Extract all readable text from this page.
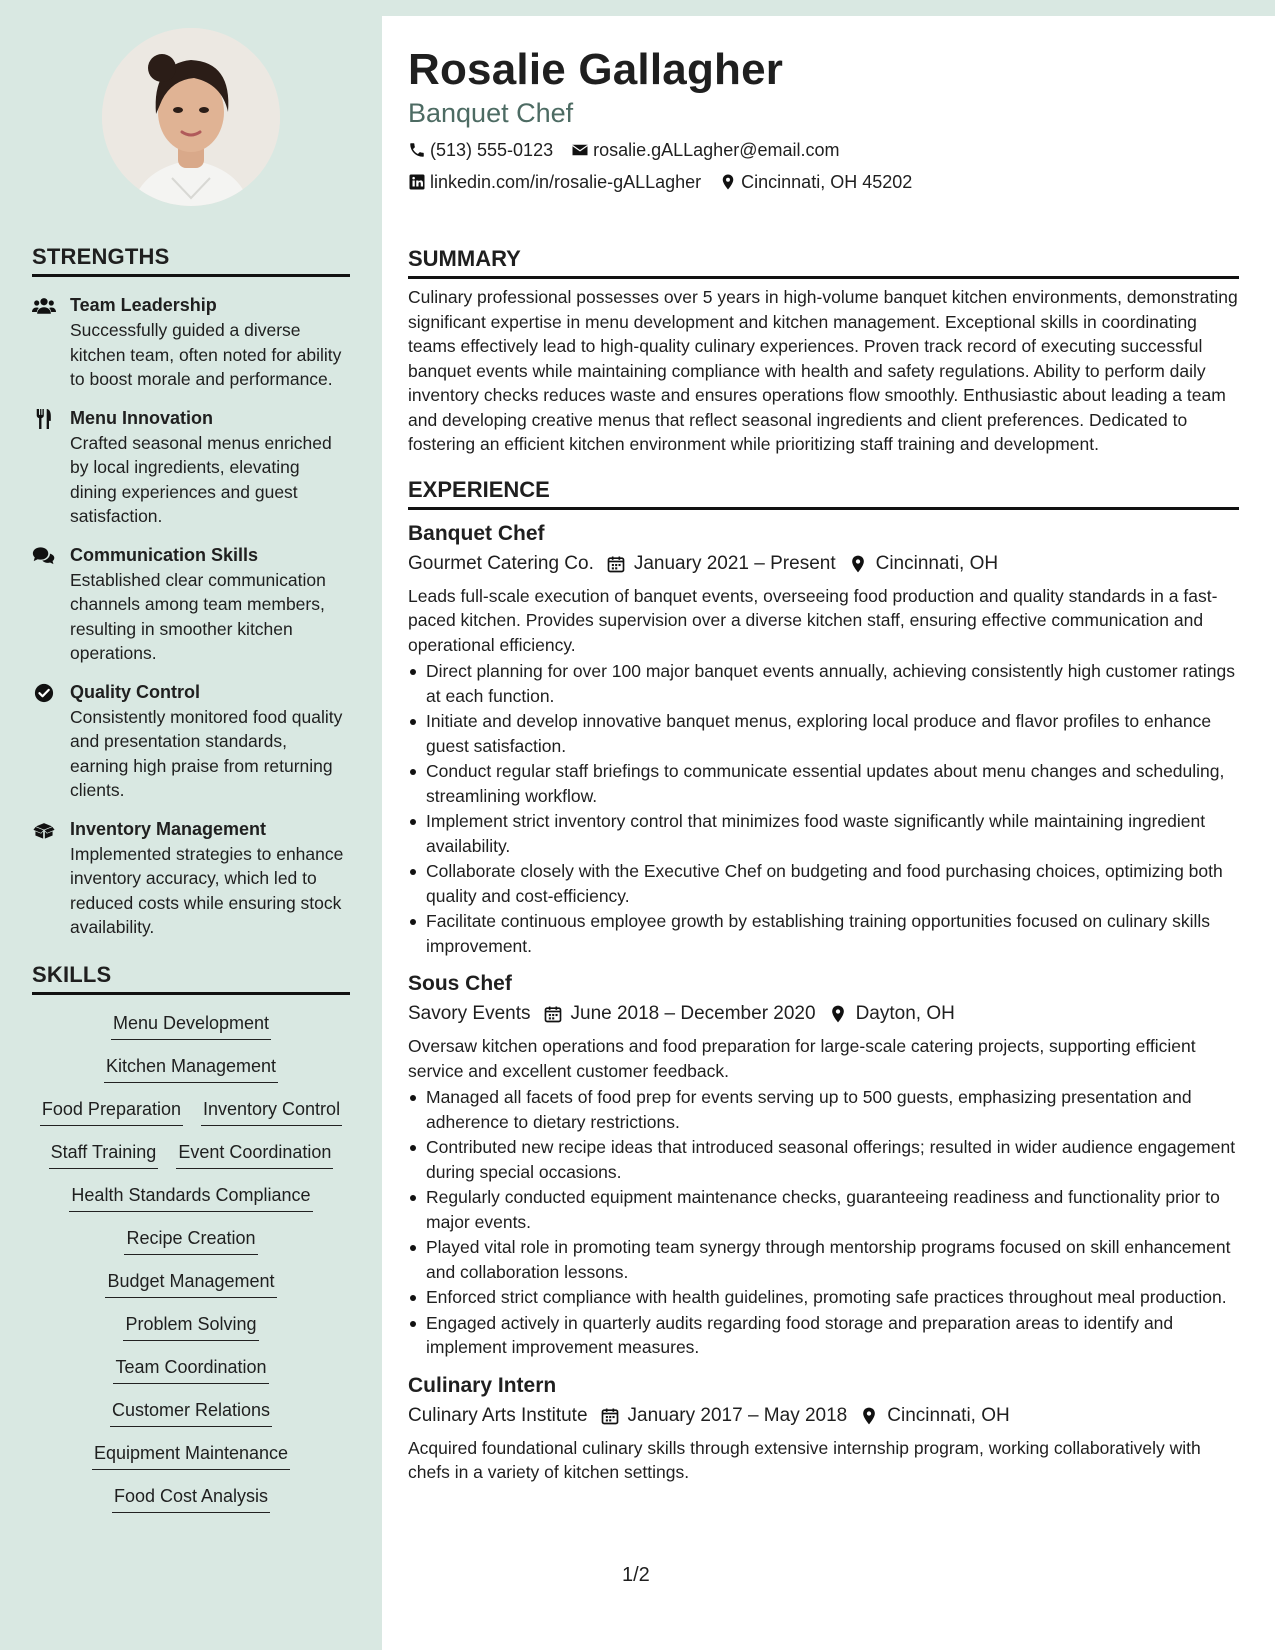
STRENGTHS
Team Leadership
Successfully guided a diverse kitchen team, often noted for ability to boost morale and performance.
Menu Innovation
Crafted seasonal menus enriched by local ingredients, elevating dining experiences and guest satisfaction.
Communication Skills
Established clear communication channels among team members, resulting in smoother kitchen operations.
Quality Control
Consistently monitored food quality and presentation standards, earning high praise from returning clients.
Inventory Management
Implemented strategies to enhance inventory accuracy, which led to reduced costs while ensuring stock availability.
SKILLS
Menu Development
Kitchen Management
Food Preparation Inventory Control
Staff Training Event Coordination
Health Standards Compliance
Recipe Creation
Budget Management
Problem Solving
Team Coordination
Customer Relations
Equipment Maintenance
Food Cost Analysis
Rosalie Gallagher
Banquet Chef
(513) 555-0123 rosalie.gALLagher@email.com
linkedin.com/in/rosalie-gALLagher Cincinnati, OH 45202
SUMMARY

Culinary professional possesses over 5 years in high-volume banquet kitchen environments, demonstrating significant expertise in menu development and kitchen management. Exceptional skills in coordinating teams effectively lead to high-quality culinary experiences. Proven track record of executing successful banquet events while maintaining compliance with health and safety regulations. Ability to perform daily inventory checks reduces waste and ensures operations flow smoothly. Enthusiastic about leading a team and developing creative menus that reflect seasonal ingredients and client preferences. Dedicated to fostering an efficient kitchen environment while prioritizing staff training and development.

EXPERIENCE
Banquet Chef
Gourmet Catering Co. January 2021 – Present Cincinnati, OH

Leads full-scale execution of banquet events, overseeing food production and quality standards in a fast-paced kitchen. Provides supervision over a diverse kitchen staff, ensuring effective communication and operational efficiency.

Direct planning for over 100 major banquet events annually, achieving consistently high customer ratings at each function.
Initiate and develop innovative banquet menus, exploring local produce and flavor profiles to enhance guest satisfaction.
Conduct regular staff briefings to communicate essential updates about menu changes and scheduling, streamlining workflow.
Implement strict inventory control that minimizes food waste significantly while maintaining ingredient availability.
Collaborate closely with the Executive Chef on budgeting and food purchasing choices, optimizing both quality and cost-efficiency.
Facilitate continuous employee growth by establishing training opportunities focused on culinary skills improvement.
Sous Chef
Savory Events June 2018 – December 2020 Dayton, OH

Oversaw kitchen operations and food preparation for large-scale catering projects, supporting efficient service and excellent customer feedback.

Managed all facets of food prep for events serving up to 500 guests, emphasizing presentation and adherence to dietary restrictions.
Contributed new recipe ideas that introduced seasonal offerings; resulted in wider audience engagement during special occasions.
Regularly conducted equipment maintenance checks, guaranteeing readiness and functionality prior to major events.
Played vital role in promoting team synergy through mentorship programs focused on skill enhancement and collaboration lessons.
Enforced strict compliance with health guidelines, promoting safe practices throughout meal production.
Engaged actively in quarterly audits regarding food storage and preparation areas to identify and implement improvement measures.
Culinary Intern
Culinary Arts Institute January 2017 – May 2018 Cincinnati, OH

Acquired foundational culinary skills through extensive internship program, working collaboratively with chefs in a variety of kitchen settings.

1/2
